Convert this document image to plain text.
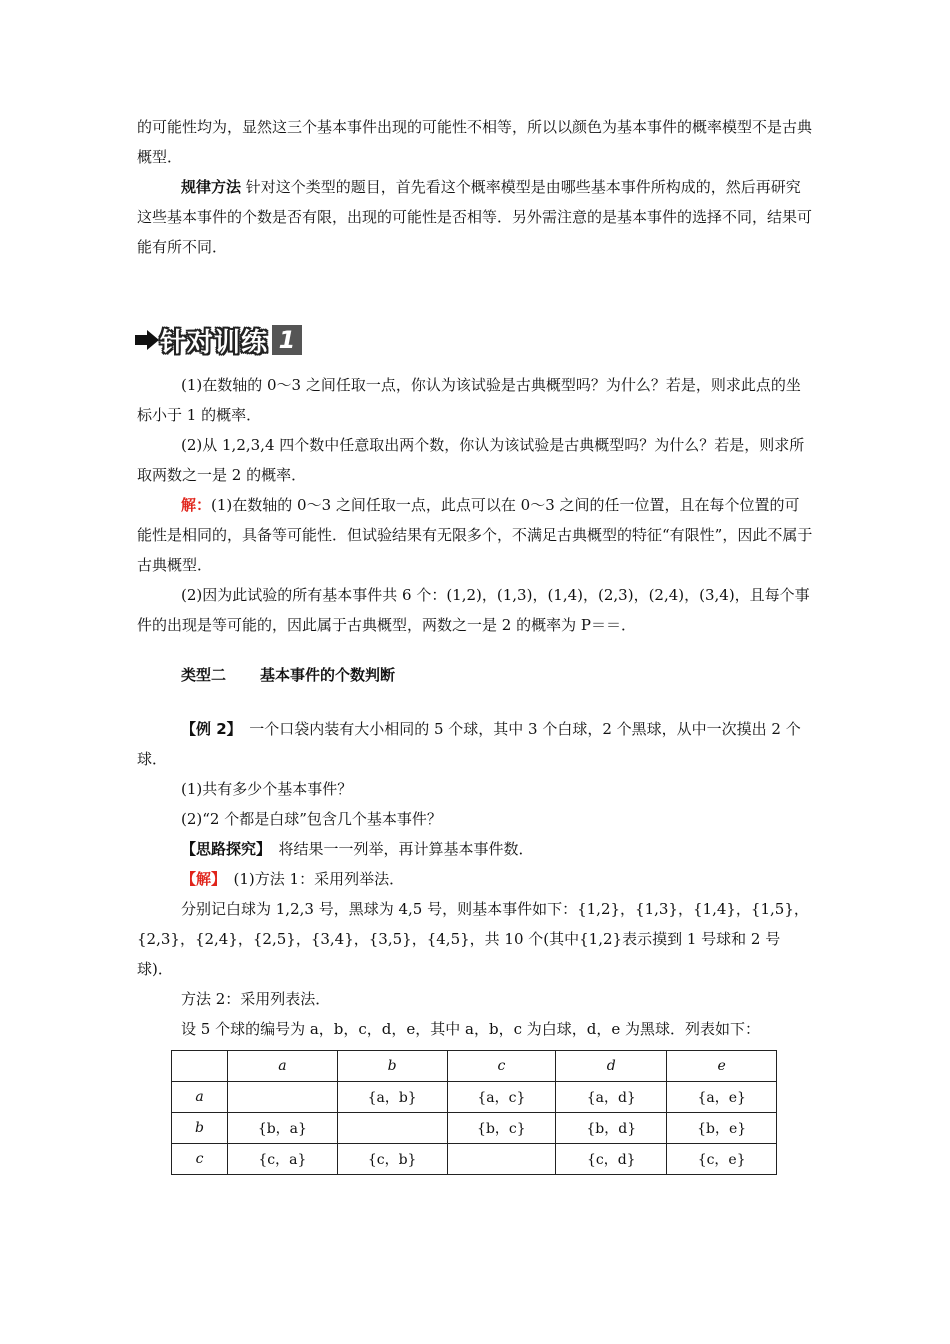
的可能性均为，显然这三个基本事件出现的可能性不相等，所以以颜色为基本事件的概率模型不是古典概型．

规律方法 针对这个类型的题目，首先看这个概率模型是由哪些基本事件所构成的，然后再研究这些基本事件的个数是否有限，出现的可能性是否相等．另外需注意的是基本事件的选择不同，结果可能有所不同．

针对训练 1

(1)在数轴的 0～3 之间任取一点，你认为该试验是古典概型吗？为什么？若是，则求此点的坐标小于 1 的概率．

(2)从 1,2,3,4 四个数中任意取出两个数，你认为该试验是古典概型吗？为什么？若是，则求所取两数之一是 2 的概率．

解：(1)在数轴的 0～3 之间任取一点，此点可以在 0～3 之间的任一位置，且在每个位置的可能性是相同的，具备等可能性．但试验结果有无限多个，不满足古典概型的特征“有限性”，因此不属于古典概型．

(2)因为此试验的所有基本事件共 6 个：(1,2)，(1,3)，(1,4)，(2,3)，(2,4)，(3,4)，且每个事件的出现是等可能的，因此属于古典概型，两数之一是 2 的概率为 P＝＝．

类型二 基本事件的个数判断

【例 2】　 一个口袋内装有大小相同的 5 个球，其中 3 个白球，2 个黑球，从中一次摸出 2 个球．

(1)共有多少个基本事件？

(2)“2 个都是白球”包含几个基本事件？

【思路探究】　 将结果一一列举，再计算基本事件数．

【解】　 (1)方法 1：采用列举法．

分别记白球为 1,2,3 号，黑球为 4,5 号，则基本事件如下：{1,2}，{1,3}，{1,4}，{1,5}，{2,3}，{2,4}，{2,5}，{3,4}，{3,5}，{4,5}，共 10 个(其中{1,2}表示摸到 1 号球和 2 号球)．

方法 2：采用列表法．

设 5 个球的编号为 a，b，c，d，e，其中 a，b，c 为白球，d，e 为黑球．列表如下：

	a	b	c	d	e
a		{a，b}	{a，c}	{a，d}	{a，e}
b	{b，a}		{b，c}	{b，d}	{b，e}
c	{c，a}	{c，b}		{c，d}	{c，e}
